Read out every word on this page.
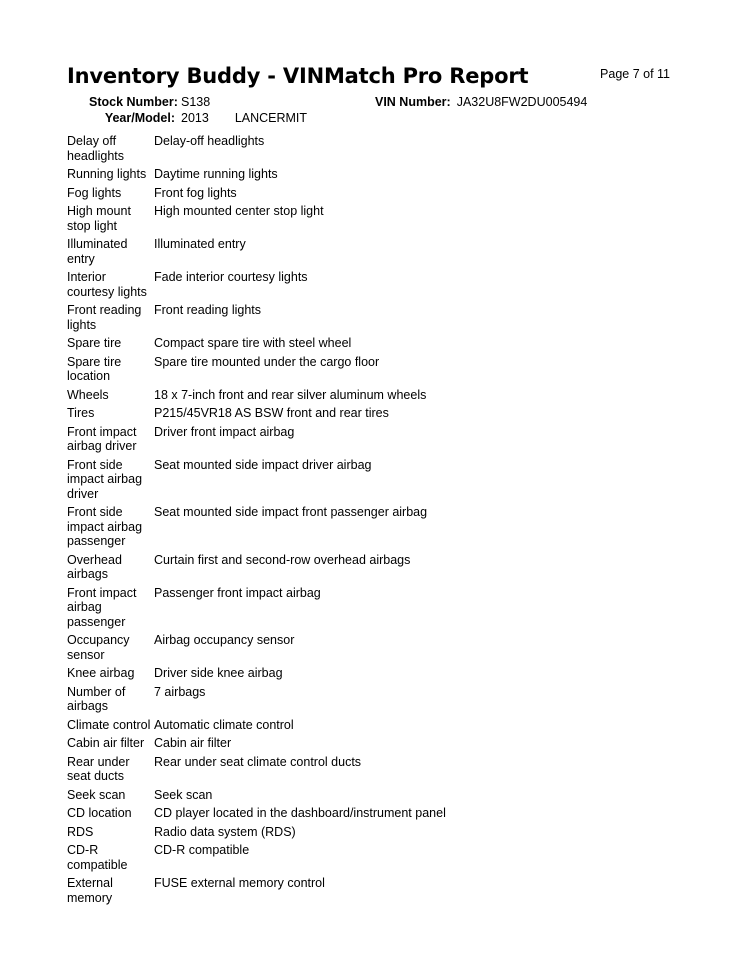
Inventory Buddy - VINMatch Pro Report	Page 7 of 11
Stock Number: S138
Year/Model: 2013 LANCERMIT
VIN Number: JA32U8FW2DU005494
Delay off headlights	Delay-off headlights
Running lights	Daytime running lights
Fog lights	Front fog lights
High mount stop light	High mounted center stop light
Illuminated entry	Illuminated entry
Interior courtesy lights	Fade interior courtesy lights
Front reading lights	Front reading lights
Spare tire	Compact spare tire with steel wheel
Spare tire location	Spare tire mounted under the cargo floor
Wheels	18 x 7-inch front and rear silver aluminum wheels
Tires	P215/45VR18 AS BSW front and rear tires
Front impact airbag driver	Driver front impact airbag
Front side impact airbag driver	Seat mounted side impact driver airbag
Front side impact airbag passenger	Seat mounted side impact front passenger airbag
Overhead airbags	Curtain first and second-row overhead airbags
Front impact airbag passenger	Passenger front impact airbag
Occupancy sensor	Airbag occupancy sensor
Knee airbag	Driver side knee airbag
Number of airbags	7 airbags
Climate control	Automatic climate control
Cabin air filter	Cabin air filter
Rear under seat ducts	Rear under seat climate control ducts
Seek scan	Seek scan
CD location	CD player located in the dashboard/instrument panel
RDS	Radio data system (RDS)
CD-R compatible	CD-R compatible
External memory	FUSE external memory control
